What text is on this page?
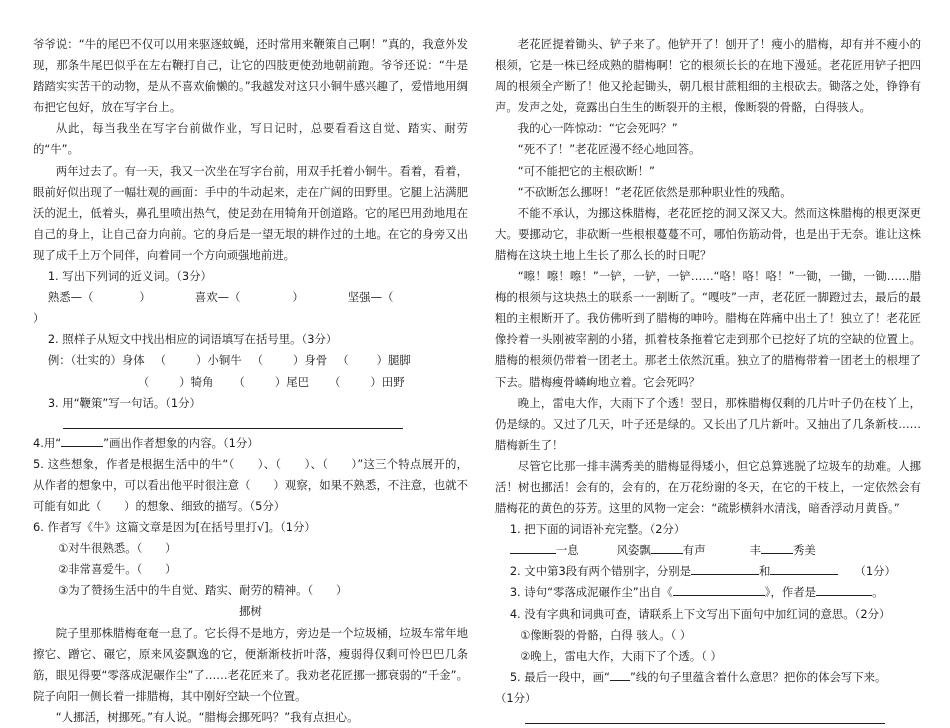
爷爷说：“牛的尾巴不仅可以用来驱逐蚊蝇，还时常用来鞭策自己啊！”真的，我意外发现，那条牛尾巴似乎在左右鞭打自己，让它的四肢更使劲地朝前跑。爷爷还说：“牛是踏踏实实苦干的动物，是从不喜欢偷懒的。”我越发对这只小铜牛感兴趣了，爱惜地用绸布把它包好，放在写字台上。

从此，每当我坐在写字台前做作业，写日记时，总要看看这自觉、踏实、耐劳的“牛”。

两年过去了。有一天，我又一次坐在写字台前，用双手托着小铜牛。看着，看着，眼前好似出现了一幅壮观的画面：手中的牛动起来，走在广阔的田野里。它腿上沾满肥沃的泥土，低着头，鼻孔里喷出热气，使足劲在用犄角开创道路。它的尾巴用劲地甩在自己的身上，让自己奋力向前。它的身后是一望无垠的耕作过的土地。在它的身旁又出现了成千上万个同伴，向着同一个方向顽强地前进。

1. 写出下列词的近义词。（3分）

熟悉—（	）	喜欢—（	）	坚强—（

）

2. 照样子从短文中找出相应的词语填写在括号里。（3分）

例：（壮实的）身体 （	）小铜牛 （	）身骨 （ ）腿脚

（	）犄角 （	）尾巴 （	）田野

3. 用“鞭策”写一句话。（1分）

4.用“	”画出作者想象的内容。（1分）

5. 这些想象，作者是根据生活中的牛“（　　）、（　　）、（　　）”这三个特点展开的，从作者的想象中，可以看出他平时很注意（　　）观察，如果不熟悉，不注意，也就不可能有如此（　　）的想象、细致的描写。（5分）

6. 作者写《牛》这篇文章是因为[在括号里打√]。（1分）

①对牛很熟悉。（　　）

②非常喜爱牛。（　　）

③为了赞扬生活中的牛自觉、踏实、耐劳的精神。（　　）

挪树

院子里那株腊梅奄奄一息了。它长得不是地方，旁边是一个垃圾桶，垃圾车常年地擦它、蹭它、碾它，原来风姿飘逸的它，便渐渐枝折叶落，瘦弱得仅剩可怜巴巴几条筋，眼见得要“零落成泥碾作尘”了……老花匠来了。我劝老花匠挪一挪衰弱的“千金”。院子向阳一侧长着一排腊梅，其中刚好空缺一个位置。

“人挪活，树挪死。”有人说。“腊梅会挪死吗？”我有点担心。

老花匠提着锄头、铲子来了。他铲开了！刨开了！瘦小的腊梅，却有并不瘦小的根须，它是一株已经成熟的腊梅啊！它的根须长长的在地下漫延。老花匠用铲子把四周的根须全产断了！他又抡起锄头，朝几根甘蔗粗细的主根砍去。锄落之处，铮铮有声。发声之处，竟露出白生生的断裂开的主根，像断裂的骨骼，白得骇人。

我的心一阵惊动：“它会死吗？”

“死不了！”老花匠漫不经心地回答。

“可不能把它的主根砍断！”

“不砍断怎么挪呀！”老花匠依然是那种职业性的残酷。

不能不承认，为挪这株腊梅，老花匠挖的洞又深又大。然而这株腊梅的根更深更大。要挪动它，非砍断一些根根蔓蔓不可，哪怕伤筋动骨，也是出于无奈。谁让这株腊梅在这块土地上生长了那么长的时日呢？

“嚓！嚓！嚓！”一铲，一铲，一铲……“咯！咯！咯！”一锄，一锄，一锄……腊梅的根须与这块热土的联系一一割断了。“嘎吱”一声，老花匠一脚蹬过去，最后的最粗的主根断开了。我仿佛听到了腊梅的呻吟。腊梅在阵痛中出土了！独立了！老花匠像拎着一头刚被宰割的小猪，抓着枝条拖着它走到那个已挖好了坑的空缺的位置上。腊梅的根须仍带着一团老土。那老土依然沉重。独立了的腊梅带着一团老土的根埋了下去。腊梅瘦骨嶙峋地立着。它会死吗？

晚上，雷电大作，大雨下了个透！翌日，那株腊梅仅剩的几片叶子仍在枝丫上，仍是绿的。又过了几天，叶子还是绿的。又长出了几片新叶。又抽出了几条新枝……腊梅新生了！

尽管它比那一排丰满秀美的腊梅显得矮小，但它总算逃脱了垃圾车的劫难。人挪活！树也挪活！会有的，会有的，在万花纷谢的冬天，在它的干枝上，一定依然会有腊梅花的黄色的芬芳。这里的风物一定会：“疏影横斜水清浅，暗香浮动月黄昏。”

1. 把下面的词语补充完整。（2分）

一息	风姿飘	有声	丰	秀美

2. 文中第3段有两个错别字，分别是	和	（1分）

3. 诗句“零落成泥碾作尘”出自《	》，作者是	。

4. 没有字典和词典可查，请联系上下文写出下面句中加红词的意思。（2分）

①像断裂的骨骼，白得 骇人。（ ）

②晚上，雷电大作，大雨下了个透。（ ）

5. 最后一段中，画“ ”线的句子里蕴含着什么意思？把你的体会写下来。

（1分）
